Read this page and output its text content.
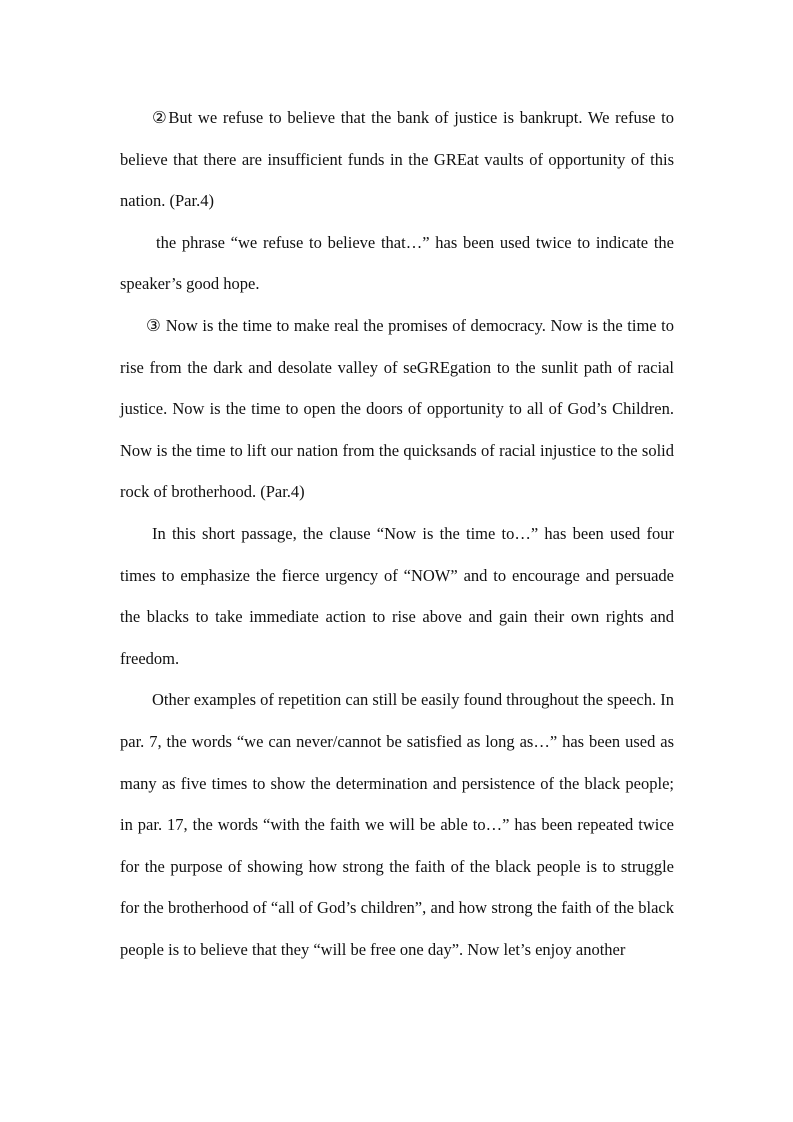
②But we refuse to believe that the bank of justice is bankrupt. We refuse to believe that there are insufficient funds in the GREat vaults of opportunity of this nation. (Par.4)

the phrase “we refuse to believe that…” has been used twice to indicate the speaker’s good hope.

③ Now is the time to make real the promises of democracy. Now is the time to rise from the dark and desolate valley of seGREgation to the sunlit path of racial justice. Now is the time to open the doors of opportunity to all of God’s Children. Now is the time to lift our nation from the quicksands of racial injustice to the solid rock of brotherhood. (Par.4)

In this short passage, the clause “Now is the time to…” has been used four times to emphasize the fierce urgency of “NOW” and to encourage and persuade the blacks to take immediate action to rise above and gain their own rights and freedom.

Other examples of repetition can still be easily found throughout the speech. In par. 7, the words “we can never/cannot be satisfied as long as…” has been used as many as five times to show the determination and persistence of the black people; in par. 17, the words “with the faith we will be able to…” has been repeated twice for the purpose of showing how strong the faith of the black people is to struggle for the brotherhood of “all of God’s children”, and how strong the faith of the black people is to believe that they “will be free one day”. Now let’s enjoy another
